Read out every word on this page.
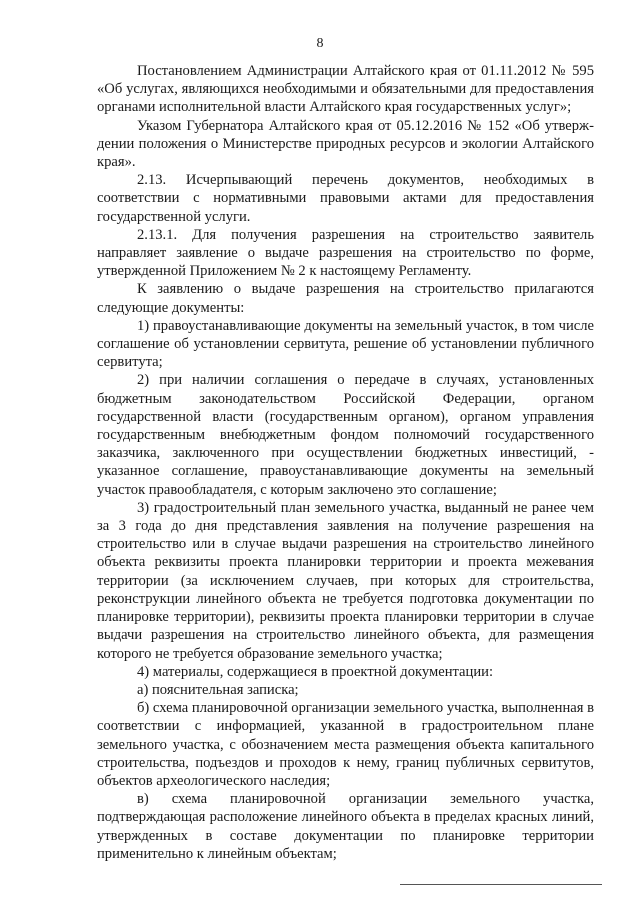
8

Постановлением Администрации Алтайского края от 01.11.2012 № 595 «Об услугах, являющихся необходимыми и обязательными для предоставления органами исполнительной власти Алтайского края государственных услуг»;

Указом Губернатора Алтайского края от 05.12.2016 № 152 «Об утверж-дении положения о Министерстве природных ресурсов и экологии Алтайского края».

2.13. Исчерпывающий перечень документов, необходимых в соответствии с нормативными правовыми актами для предоставления государственной услуги.

2.13.1. Для получения разрешения на строительство заявитель направляет заявление о выдаче разрешения на строительство по форме, утвержденной Приложением № 2 к настоящему Регламенту.

К заявлению о выдаче разрешения на строительство прилагаются следующие документы:

1) правоустанавливающие документы на земельный участок, в том числе соглашение об установлении сервитута, решение об установлении публичного сервитута;

2) при наличии соглашения о передаче в случаях, установленных бюджетным законодательством Российской Федерации, органом государственной власти (государственным органом), органом управления государственным внебюджетным фондом полномочий государственного заказчика, заключенного при осуществлении бюджетных инвестиций, - указанное соглашение, правоустанавливающие документы на земельный участок правообладателя, с которым заключено это соглашение;

3) градостроительный план земельного участка, выданный не ранее чем за 3 года до дня представления заявления на получение разрешения на строительство или в случае выдачи разрешения на строительство линейного объекта реквизиты проекта планировки территории и проекта межевания территории (за исключением случаев, при которых для строительства, реконструкции линейного объекта не требуется подготовка документации по планировке территории), реквизиты проекта планировки территории в случае выдачи разрешения на строительство линейного объекта, для размещения которого не требуется образование земельного участка;

4) материалы, содержащиеся в проектной документации:

а) пояснительная записка;

б) схема планировочной организации земельного участка, выполненная в соответствии с информацией, указанной в градостроительном плане земельного участка, с обозначением места размещения объекта капитального строительства, подъездов и проходов к нему, границ публичных сервитутов, объектов археологического наследия;

в) схема планировочной организации земельного участка, подтверждающая расположение линейного объекта в пределах красных линий, утвержденных в составе документации по планировке территории применительно к линейным объектам;
